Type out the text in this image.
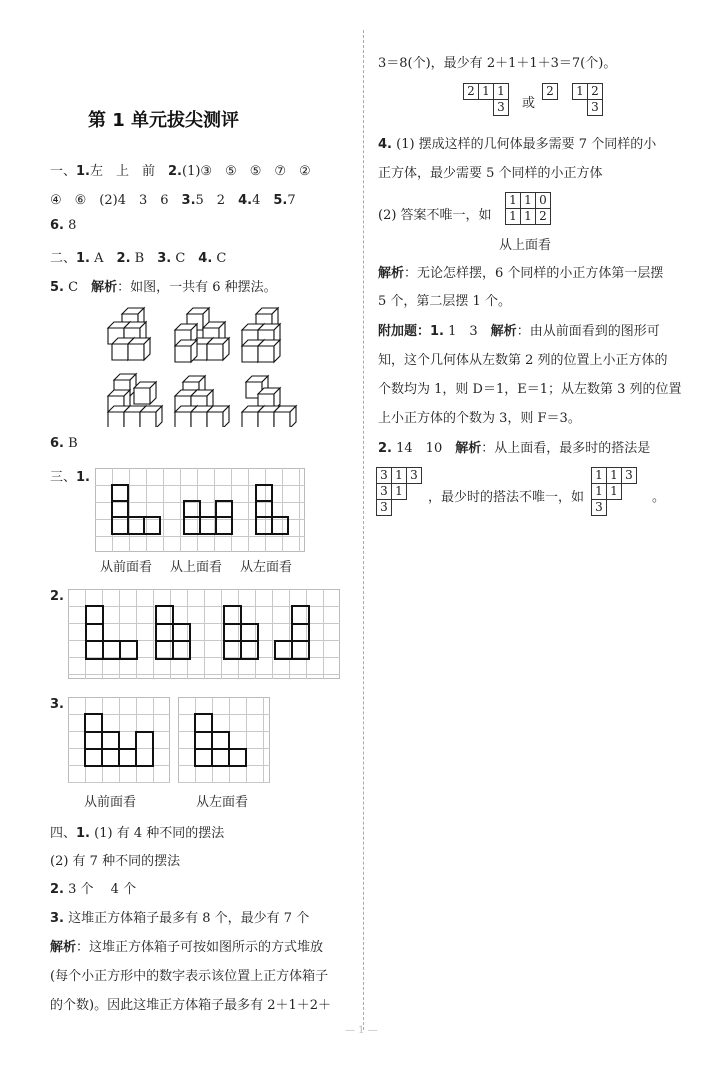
第 1 单元拔尖测评
一、1.左　上　前　2.(1)③　⑤　⑤　⑦　②
④　⑥　(2)4　3　6　3.5　2　4.4　5.7
6. 8
二、1. A　2. B　3. C　4. C
5. C　解析：如图，一共有 6 种摆法。
6. B
三、1.
从前面看 从上面看 从左面看
2.
3.
从前面看	从左面看
四、1. (1) 有 4 种不同的摆法
(2) 有 7 种不同的摆法
2. 3 个　 4 个
3. 这堆正方体箱子最多有 8 个，最少有 7 个
解析：这堆正方体箱子可按如图所示的方式堆放
(每个小正方形中的数字表示该位置上正方体箱子
的个数)。因此这堆正方体箱子最多有 2＋1＋2＋
3＝8(个)，最少有 2＋1＋1＋3＝7(个)。
2	1	1
		3 或
2		1	2
			3
4. (1) 摆成这样的几何体最多需要 7 个同样的小
正方体，最少需要 5 个同样的小正方体
(2) 答案不唯一，如
1	1	0
1	1	2
从上面看
解析：无论怎样摆，6 个同样的小正方体第一层摆
5 个，第二层摆 1 个。
附加题：1. 1　3　解析：由从前面看到的图形可
知，这个几何体从左数第 2 列的位置上小正方体的
个数均为 1，则 D＝1，E＝1；从左数第 3 列的位置
上小正方体的个数为 3，则 F＝3。
2. 14　10　解析：从上面看，最多时的搭法是
3	1	3
3	1	
3		
，最少时的搭法不唯一，如
	1	1	3
	1	1	
	3		
。
— 1 —
